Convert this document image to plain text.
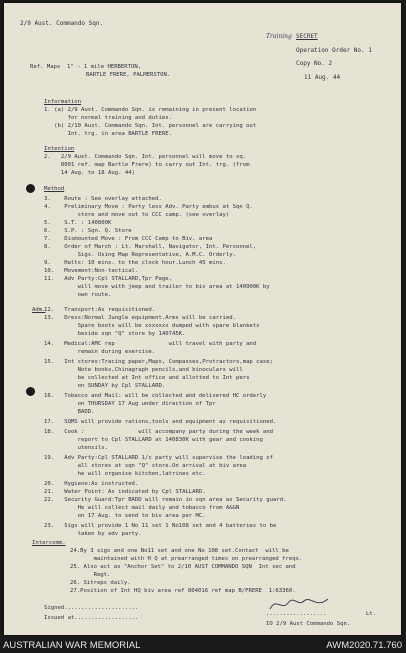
2/9 Aust. Commando Sqn.
Training SECRET
Operation Order No. 1
Copy No. 2
11 Aug. 44
Ref. Maps  1" - 1 mile HERBERTON,
BARTLE FRERE, PALMERSTON.
Information
1. (a) 2/9 Aust. Commando Sqn. is remaining in present location
for normal training and duties.
(b) 2/10 Aust. Commando Sqn. Int. personnel are carrying out
Int. trg. in area BARTLE FRERE.
Intention
2.   2/9 Aust. Commando Sqn. Int. personnel will move to sq.
8001 ref. map Bartle Frere) to carry out Int. trg. (from
14 Aug. to 18 Aug. 44)
Method
3.    Route : See overlay attached.
4.    Preliminary Move : Party less Adv. Party embus at Sqn Q.
store and move out to CCC camp. (see overlay)
5.    S.T. : 140800K
6.    S.P. : Sqn. Q. Store
7.    Dismounted Move : From CCC Camp to Biv. area
8.    Order of March : Lt. Marshall, Navigator, Int. Personnel,
Sigs. Using Map Representative, A.M.C. Orderly.
9.    Halts: 10 mins. to the clock hour.Lunch 45 mins.
10.   Movement:Non-tactical.
11.   Adv Party:Cpl STALLARD,Tpr Page,
will move with jeep and trailer to biv area at 140900K by
own route.
Adm.
12.   Transport:As requisitioned.
13.   Dress:Normal Jungle equipment.Arms will be carried.
Spare boots will be xxxxxxx dumped with spare blankets
beside sqn "Q" store by 140745K.
14.   Medical:AMC rep                will travel with party and
remain during exercise.
15.   Int stores:Tracing paper,Maps, Compasses,Protractors,map case;
Note books,Chinagraph pencils,and binoculars will
be collected at Int office and allotted to Int pers
on SUNDAY by Cpl STALLARD.
16.   Tobacco and Mail: will be collected and delivered HC orderly
on THURSDAY 17 Aug under direction of Tpr
BADD.
17.   SQMS will provide rations,tools and equipment as requisitioned.
18.   Cook :                will accompany party during the week and
report to Cpl STALLARD at 140830K with gear and cooking
utensils.
19.   Adv Party:Cpl STALLARD 1/c party will supervise the loading of
all stores at sqn "Q" store.On arrival at biv area
he will organise kitchen,latrines etc.
20.   Hygiene:As instructed.
21.   Water Point: As indicated by Cpl STALLARD.
22.   Security Guard:Tpr BADD will remain in sqn area as Security guard.
He will collect mail daily and tobacco from A&GN
on 17 Aug. to send to biv area per MC.
23.   Sigs will provide 1 No 11 set 1 No108 set and 4 batteries to be
taken by adv party.
Intercomm.
24.By 3 sigs and one No11 set and one No 108 set.Contact  will be
maintained with H Q at prearranged times on prearranged freqs.
25. Also act as "Anchor Set" to 2/10 AUST COMMANDO SQN  Int sec and
Regt.
26. Sitreps daily.
27.Position of Int HQ biv area ref 804016 ref map B/FRERE  1:63360.
Signed......................
Issued at...................
..................	Lt.
IO 2/9 Aust Commando Sqn.
AUSTRALIAN WAR MEMORIAL	AWM2020.71.760
